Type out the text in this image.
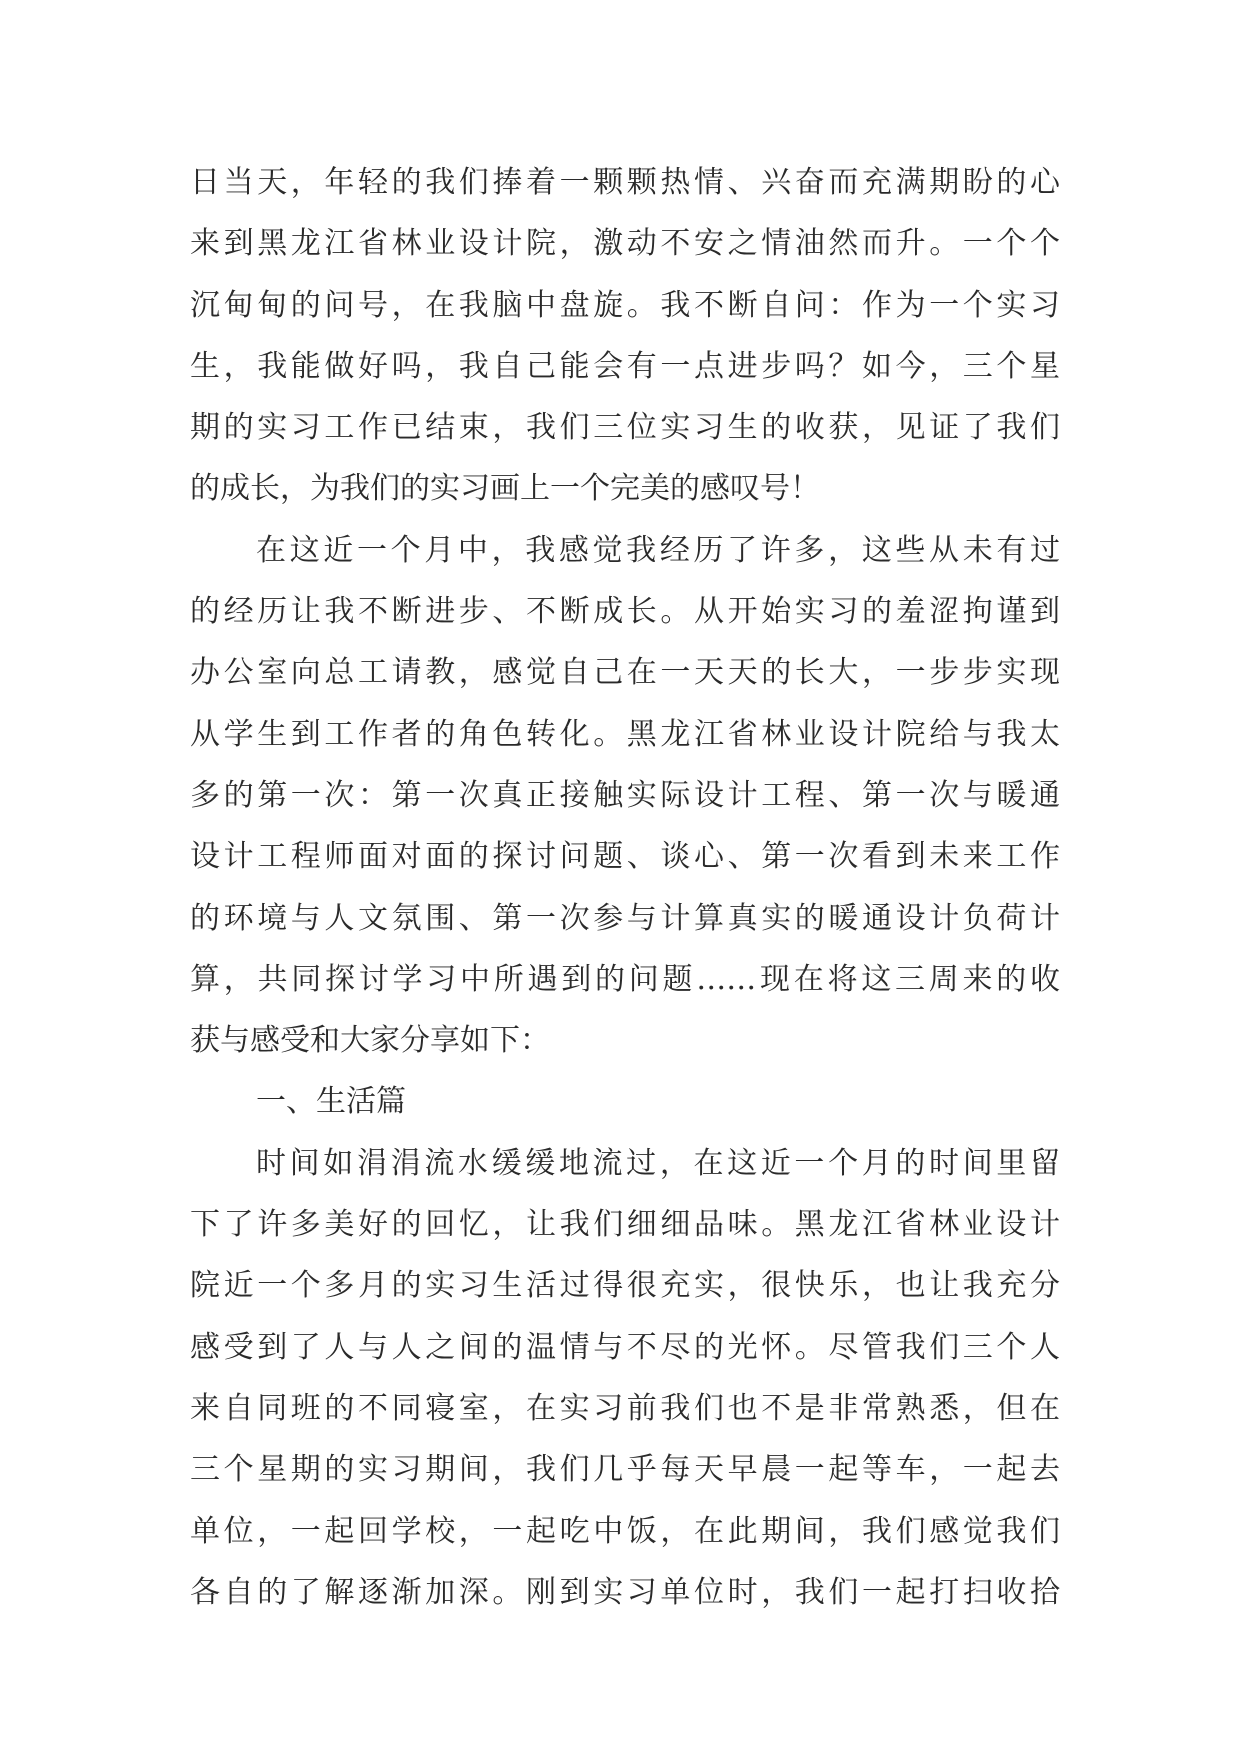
日当天，年轻的我们捧着一颗颗热情、兴奋而充满期盼的心
来到黑龙江省林业设计院，激动不安之情油然而升。一个个
沉甸甸的问号，在我脑中盘旋。我不断自问：作为一个实习
生，我能做好吗，我自己能会有一点进步吗？如今，三个星
期的实习工作已结束，我们三位实习生的收获，见证了我们
的成长，为我们的实习画上一个完美的感叹号！
在这近一个月中，我感觉我经历了许多，这些从未有过
的经历让我不断进步、不断成长。从开始实习的羞涩拘谨到
办公室向总工请教，感觉自己在一天天的长大，一步步实现
从学生到工作者的角色转化。黑龙江省林业设计院给与我太
多的第一次：第一次真正接触实际设计工程、第一次与暖通
设计工程师面对面的探讨问题、谈心、第一次看到未来工作
的环境与人文氛围、第一次参与计算真实的暖通设计负荷计
算，共同探讨学习中所遇到的问题……现在将这三周来的收
获与感受和大家分享如下：
一、生活篇
时间如涓涓流水缓缓地流过，在这近一个月的时间里留
下了许多美好的回忆，让我们细细品味。黑龙江省林业设计
院近一个多月的实习生活过得很充实，很快乐，也让我充分
感受到了人与人之间的温情与不尽的光怀。尽管我们三个人
来自同班的不同寝室，在实习前我们也不是非常熟悉，但在
三个星期的实习期间，我们几乎每天早晨一起等车，一起去
单位，一起回学校，一起吃中饭，在此期间，我们感觉我们
各自的了解逐渐加深。刚到实习单位时，我们一起打扫收拾
